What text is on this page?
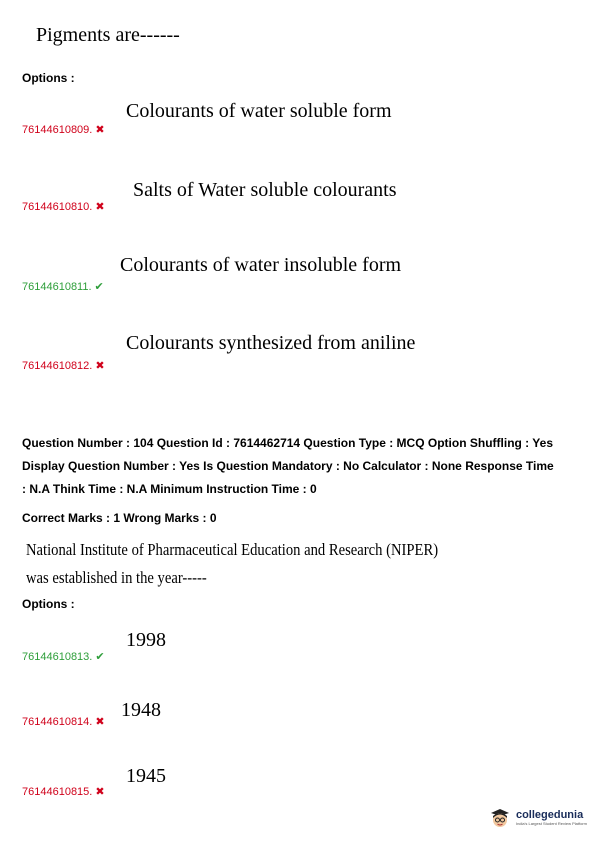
Pigments are------
Options :
76144610809. ✖
Colourants of water soluble form
76144610810. ✖
Salts of Water soluble colourants
76144610811. ✔
Colourants of water insoluble form
76144610812. ✖
Colourants synthesized from aniline
Question Number : 104 Question Id : 7614462714 Question Type : MCQ Option Shuffling : Yes
Display Question Number : Yes Is Question Mandatory : No Calculator : None Response Time
: N.A Think Time : N.A Minimum Instruction Time : 0
Correct Marks : 1 Wrong Marks : 0
National Institute of Pharmaceutical Education and Research (NIPER)
was established in the year-----
Options :
76144610813. ✔
1998
76144610814. ✖
1948
76144610815. ✖
1945
collegedunia
India's Largest Student Review Platform
